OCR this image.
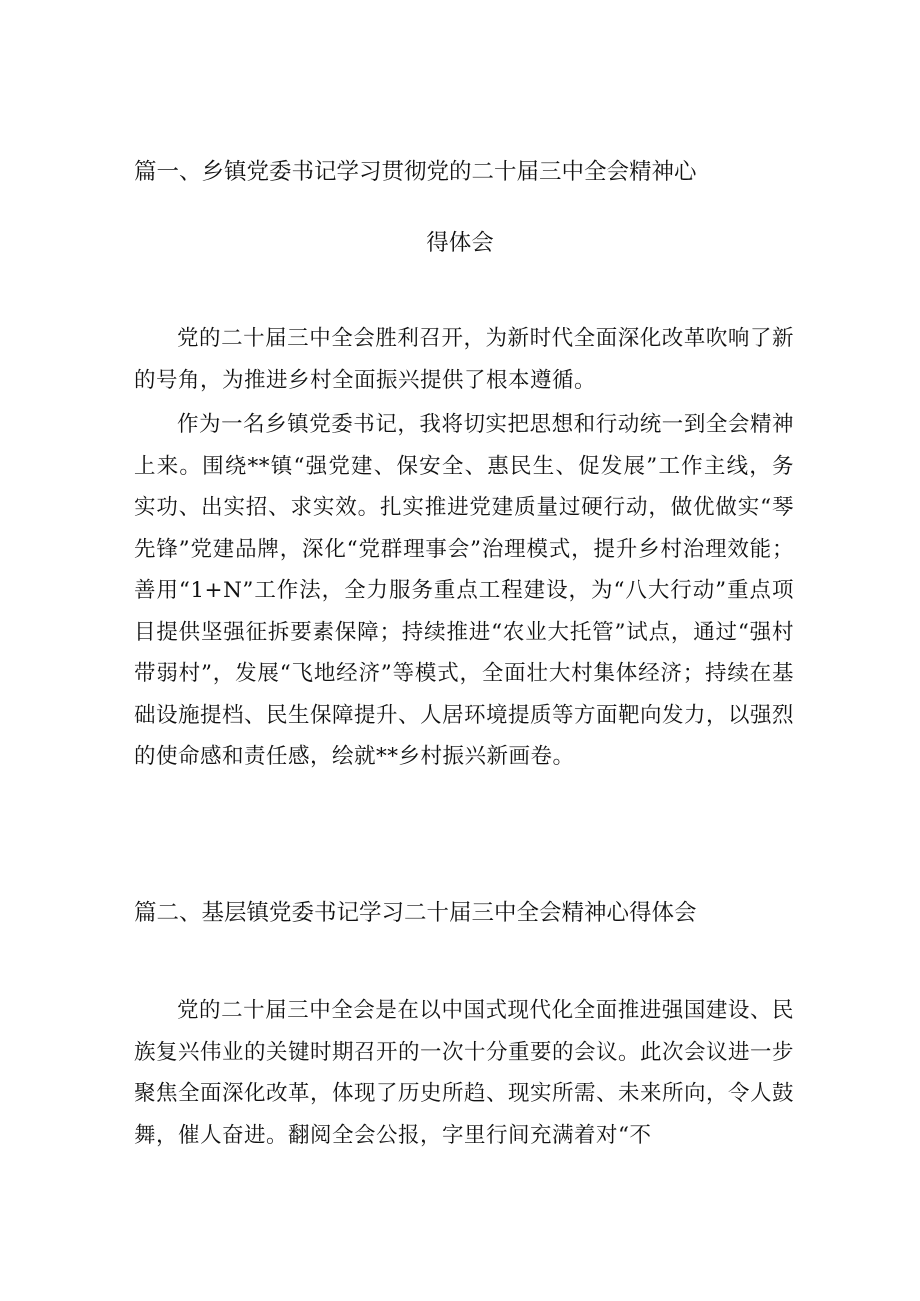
篇一、乡镇党委书记学习贯彻党的二十届三中全会精神心
得体会

党的二十届三中全会胜利召开，为新时代全面深化改革吹响了新的号角，为推进乡村全面振兴提供了根本遵循。

作为一名乡镇党委书记，我将切实把思想和行动统一到全会精神上来。围绕**镇“强党建、保安全、惠民生、促发展”工作主线，务实功、出实招、求实效。扎实推进党建质量过硬行动，做优做实“琴先锋”党建品牌，深化“党群理事会”治理模式，提升乡村治理效能；善用“1+N”工作法，全力服务重点工程建设，为“八大行动”重点项目提供坚强征拆要素保障；持续推进“农业大托管”试点，通过“强村带弱村”，发展“飞地经济”等模式，全面壮大村集体经济；持续在基础设施提档、民生保障提升、人居环境提质等方面靶向发力，以强烈的使命感和责任感，绘就**乡村振兴新画卷。

篇二、基层镇党委书记学习二十届三中全会精神心得体会

党的二十届三中全会是在以中国式现代化全面推进强国建设、民族复兴伟业的关键时期召开的一次十分重要的会议。此次会议进一步聚焦全面深化改革，体现了历史所趋、现实所需、未来所向，令人鼓舞，催人奋进。翻阅全会公报，字里行间充满着对“不
